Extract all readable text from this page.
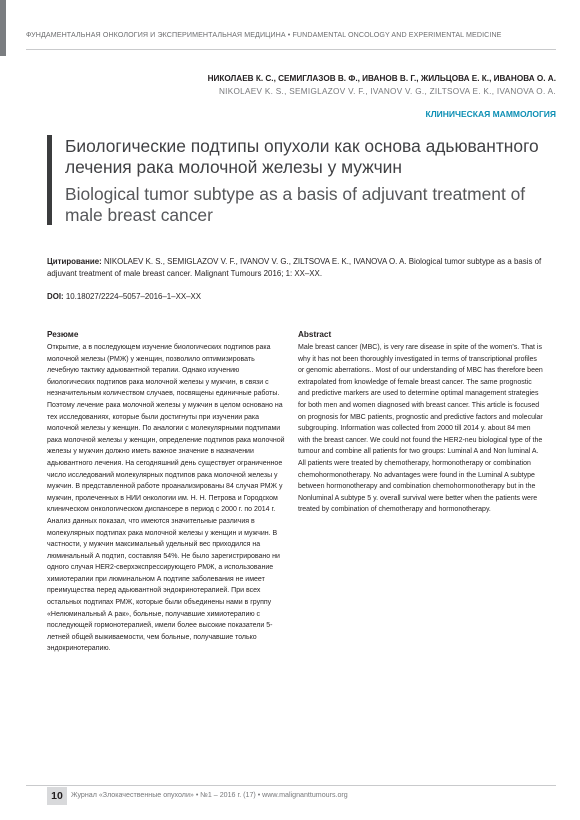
ФУНДАМЕНТАЛЬНАЯ ОНКОЛОГИЯ И ЭКСПЕРИМЕНТАЛЬНАЯ МЕДИЦИНА • FUNDAMENTAL ONCOLOGY AND EXPERIMENTAL MEDICINE
НИКОЛАЕВ К. С., СЕМИГЛАЗОВ В. Ф., ИВАНОВ В. Г., ЖИЛЬЦОВА Е. К., ИВАНОВА О. А.
NIKOLAEV K. S., SEMIGLAZOV V. F., IVANOV V. G., ZILTSOVA E. K., IVANOVA O. A.
КЛИНИЧЕСКАЯ МАММОЛОГИЯ
Биологические подтипы опухоли как основа адьювантного лечения рака молочной железы у мужчин
Biological tumor subtype as a basis of adjuvant treatment of male breast cancer
Цитирование: NIKOLAEV K. S., SEMIGLAZOV V. F., IVANOV V. G., ZILTSOVA E. K., IVANOVA O. A. Biological tumor subtype as a basis of adjuvant treatment of male breast cancer. Malignant Tumours 2016; 1: XX–XX.
DOI: 10.18027/2224–5057–2016–1–XX–XX
Резюме
Открытие, а в последующем изучение биологических подтипов рака молочной железы (РМЖ) у женщин, позволило оптимизировать лечебную тактику адьювантной терапии. Однако изучению биологических подтипов рака молочной железы у мужчин, в связи с незначительным количеством случаев, посвящены единичные работы. Поэтому лечение рака молочной железы у мужчин в целом основано на тех исследованиях, которые были достигнуты при изучении рака молочной железы у женщин. По аналогии с молекулярными подтипами рака молочной железы у женщин, определение подтипов рака молочной железы у мужчин должно иметь важное значение в назначении адьювантного лечения. На сегодняшний день существует ограниченное число исследований молекулярных подтипов рака молочной железы у мужчин. В представленной работе проанализированы 84 случая РМЖ у мужчин, пролеченных в НИИ онкологии им. Н. Н. Петрова и Городском клиническом онкологическом диспансере в период с 2000 г. по 2014 г. Анализ данных показал, что имеются значительные различия в молекулярных подтипах рака молочной железы у женщин и мужчин. В частности, у мужчин максимальный удельный вес приходился на люминальный А подтип, составляя 54%. Не было зарегистрировано ни одного случая HER2-сверхэкспрессирующего РМЖ, а использование химиотерапии при люминальном А подтипе заболевания не имеет преимущества перед адьювантной эндокринотерапией. При всех остальных подтипах РМЖ, которые были объединены нами в группу «Нелюминальный А рак», больные, получавшие химиотерапию с последующей гормонотерапией, имели более высокие показатели 5-летней общей выживаемости, чем больные, получавшие только эндокринотерапию.
Abstract
Male breast cancer (MBC), is very rare disease in spite of the women's. That is why it has not been thoroughly investigated in terms of transcriptional profiles or genomic aberrations.. Most of our understanding of MBC has therefore been extrapolated from knowledge of female breast cancer. The same prognostic and predictive markers are used to determine optimal management strategies for both men and women diagnosed with breast cancer. This article is focused on prognosis for MBC patients, prognostic and predictive factors and molecular subgrouping. Information was collected from 2000 till 2014 y. about 84 men with the breast cancer. We could not found the HER2-neu biological type of the tumour and combine all patients for two groups: Luminal A and Non luminal A. All patients were treated by chemotherapy, hormonotherapy or combination chemohormonotherapy. No advantages were found in the Luminal A subtype between hormonotherapy and combination chemohormonotherapy but in the Nonluminal A subtype 5 y. overall survival were better when the patients were treated by combination of chemotherapy and hormonotherapy.
10	Журнал «Злокачественные опухоли» • №1 – 2016 г. (17) • www.malignanttumours.org
